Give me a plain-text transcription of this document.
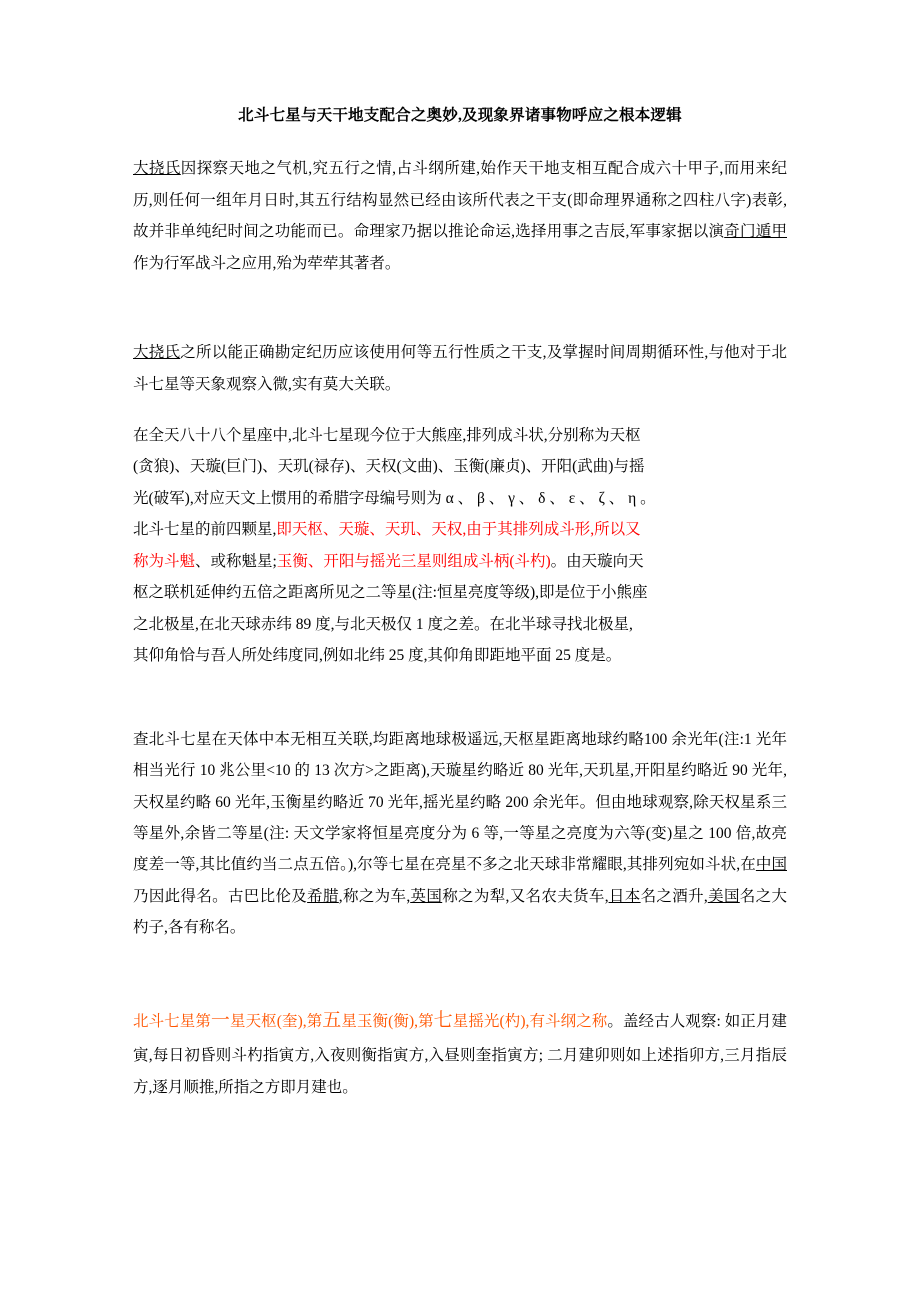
北斗七星与天干地支配合之奥妙,及现象界诸事物呼应之根本逻辑

大挠氏因探察天地之气机,究五行之情,占斗纲所建,始作天干地支相互配合成六十甲子,而用来纪历,则任何一组年月日时,其五行结构显然已经由该所代表之干支(即命理界通称之四柱八字)表彰,故并非单纯纪时间之功能而已。命理家乃据以推论命运,选择用事之吉辰,军事家据以演奇门遁甲作为行军战斗之应用,殆为荦荦其著者。

大挠氏之所以能正确勘定纪历应该使用何等五行性质之干支,及掌握时间周期循环性,与他对于北斗七星等天象观察入微,实有莫大关联。

在全天八十八个星座中,北斗七星现今位于大熊座,排列成斗状,分别称为天枢
(贪狼)、天璇(巨门)、天玑(禄存)、天权(文曲)、玉衡(廉贞)、开阳(武曲)与摇
光(破军),对应天文上惯用的希腊字母编号则为 α 、 β 、 γ 、 δ 、 ε 、 ζ 、 η 。
北斗七星的前四颗星,即天枢、天璇、天玑、天权,由于其排列成斗形,所以又
称为斗魁、或称魁星;玉衡、开阳与摇光三星则组成斗柄(斗杓)。由天璇向天
枢之联机延伸约五倍之距离所见之二等星(注:恒星亮度等级),即是位于小熊座
之北极星,在北天球赤纬 89 度,与北天极仅 1 度之差。在北半球寻找北极星,
其仰角恰与吾人所处纬度同,例如北纬 25 度,其仰角即距地平面 25 度是。

查北斗七星在天体中本无相互关联,均距离地球极遥远,天枢星距离地球约略100 余光年(注:1 光年相当光行 10 兆公里<10 的 13 次方>之距离),天璇星约略近 80 光年,天玑星,开阳星约略近 90 光年,天权星约略 60 光年,玉衡星约略近 70 光年,摇光星约略 200 余光年。但由地球观察,除天权星系三等星外,余皆二等星(注: 天文学家将恒星亮度分为 6 等,一等星之亮度为六等(变)星之 100 倍,故亮度差一等,其比值约当二点五倍。),尔等七星在亮星不多之北天球非常耀眼,其排列宛如斗状,在中国乃因此得名。古巴比伦及希腊,称之为车,英国称之为犁,又名农夫货车,日本名之酒升,美国名之大杓子,各有称名。

北斗七星第一星天枢(奎),第五星玉衡(衡),第七星摇光(杓),有斗纲之称。盖经古人观察: 如正月建寅,每日初昏则斗杓指寅方,入夜则衡指寅方,入昼则奎指寅方; 二月建卯则如上述指卯方,三月指辰方,逐月顺推,所指之方即月建也。
